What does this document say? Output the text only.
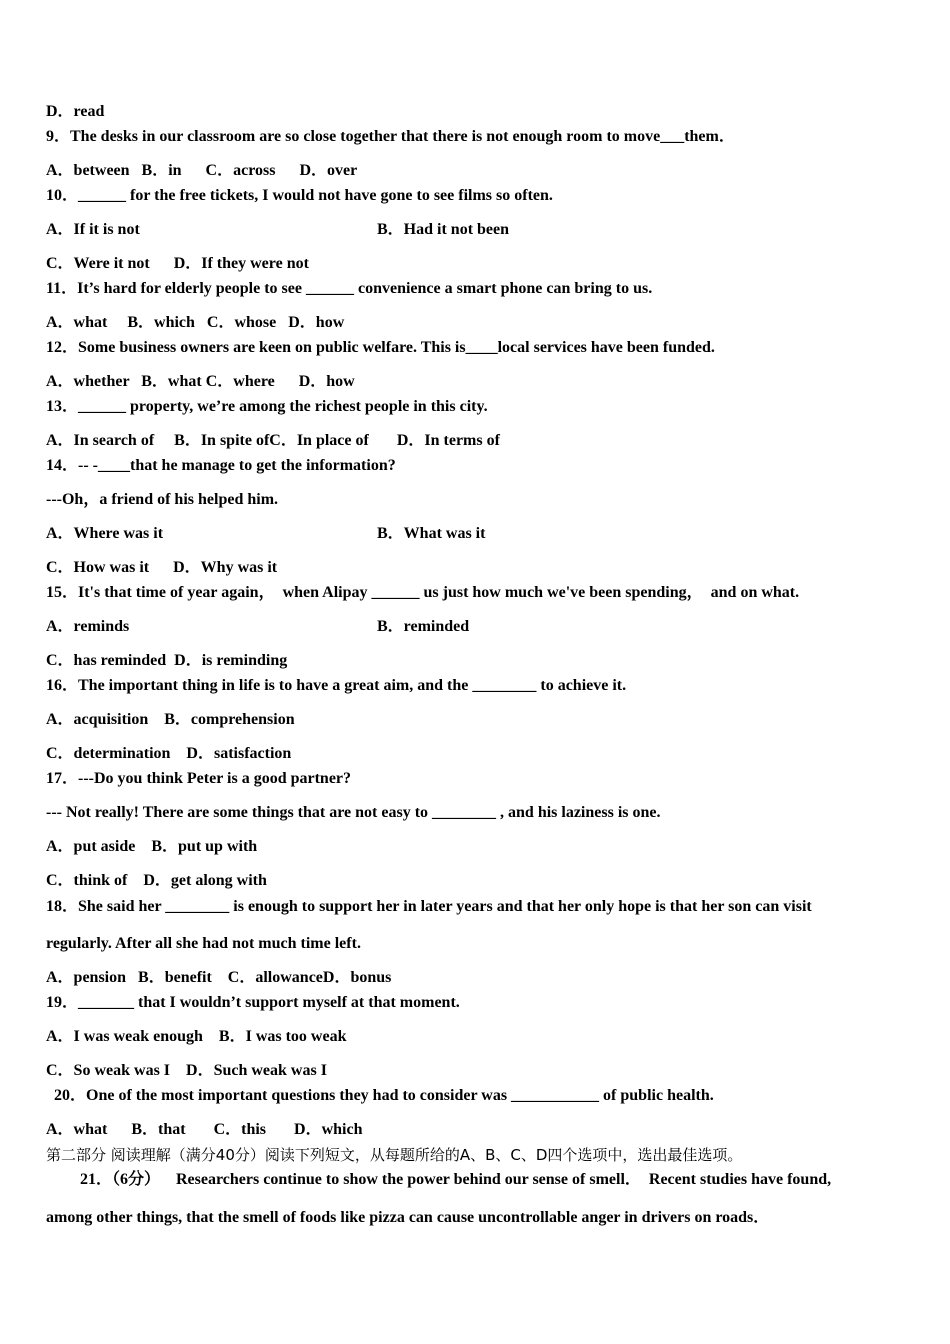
D．read
9．The desks in our classroom are so close together that there is not enough room to move___them．
A．between   B．in      C．across      D．over
10．______ for the free tickets, I would not have gone to see films so often.
A．If it is not	B．Had it not been
C．Were it not      D．If they were not
11．It’s hard for elderly people to see ______ convenience a smart phone can bring to us.
A．what     B．which   C．whose   D．how
12．Some business owners are keen on public welfare. This is____local services have been funded.
A．whether   B．what C．where      D．how
13．______ property, we’re among the richest people in this city.
A．In search of     B．In spite ofC．In place of       D．In terms of
14．-- -____that he manage to get the information?
---Oh，a friend of his helped him.
A．Where was it	B．What was it
C．How was it      D．Why was it
15．It's that time of year again，  when Alipay ______ us just how much we've been spending，  and on what.
A．reminds	B．reminded
C．has reminded  D．is reminding
16．The important thing in life is to have a great aim, and the ________ to achieve it.
A．acquisition    B．comprehension
C．determination    D．satisfaction
17．---Do you think Peter is a good partner?
--- Not really! There are some things that are not easy to ________ , and his laziness is one.
A．put aside    B．put up with
C．think of    D．get along with
18．She said her ________ is enough to support her in later years and that her only hope is that her son can visit
regularly. After all she had not much time left.
A．pension   B．benefit    C．allowanceD．bonus
19．_______ that I wouldn’t support myself at that moment.
A．I was weak enough    B．I was too weak
C．So weak was I    D．Such weak was I
20．One of the most important questions they had to consider was ___________ of public health.
A．what      B．that       C．this       D．which
第二部分 阅读理解（满分40分）阅读下列短文，从每题所给的A、B、C、D四个选项中，选出最佳选项。
21．（6分）    Researchers continue to show the power behind our sense of smell．  Recent studies have found,
among other things, that the smell of foods like pizza can cause uncontrollable anger in drivers on roads．
